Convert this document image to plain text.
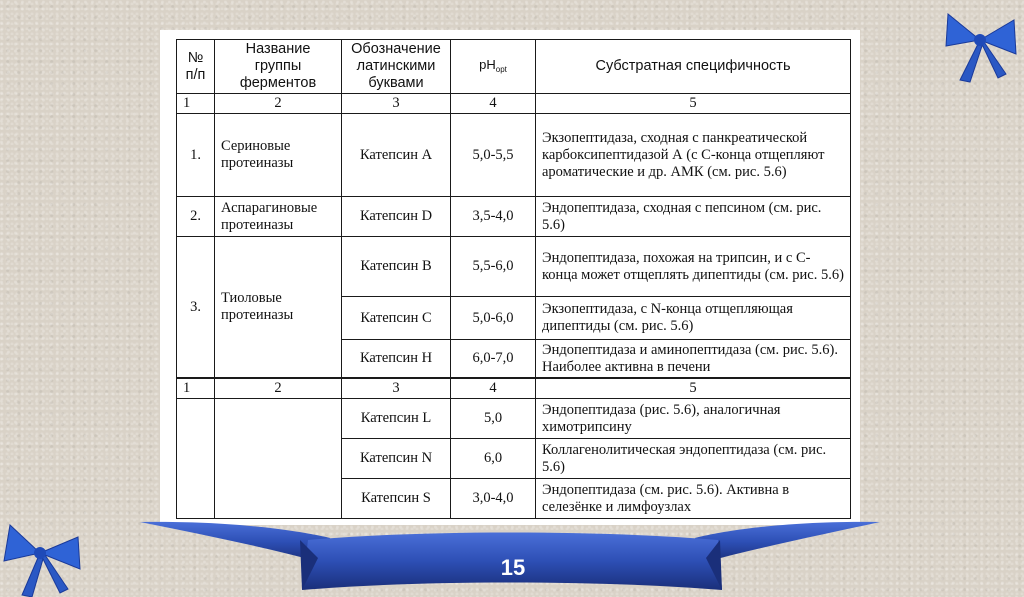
№ п/п	Название группы ферментов	Обозначение латинскими буквами	$pH_{opt}$	Субстратная специфичность
1	2	3	4	5
1.	Сериновые протеиназы	Катепсин А	5,0-5,5	Экзопептидаза, сходная с панкреатической карбоксипептидазой А (с С-конца отщепляют ароматические и др. АМК (см. рис. 5.6)
2.	Аспарагиновые протеиназы	Катепсин D	3,5-4,0	Эндопептидаза, сходная с пепсином (см. рис. 5.6)
3.	Тиоловые протеиназы	Катепсин B	5,5-6,0	Эндопептидаза, похожая на трипсин, и с С-конца может отщеплять дипептиды (см. рис. 5.6)
		Катепсин C	5,0-6,0	Экзопептидаза, с N-конца отщепляющая дипептиды (см. рис. 5.6)
		Катепсин H	6,0-7,0	Эндопептидаза и аминопептидаза (см. рис. 5.6). Наиболее активна в печени
1	2	3	4	5
		Катепсин L	5,0	Эндопептидаза (рис. 5.6), аналогичная химотрипсину
		Катепсин N	6,0	Коллагенолитическая эндопептидаза (см. рис. 5.6)
		Катепсин S	3,0-4,0	Эндопептидаза (см. рис. 5.6). Активна в селезёнке и лимфоузлах
15
